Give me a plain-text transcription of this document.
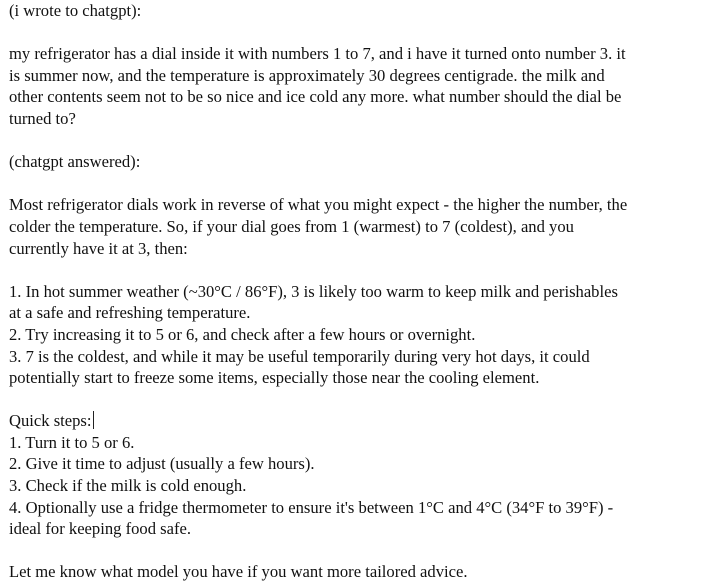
(i wrote to chatgpt):
my refrigerator has a dial inside it with numbers 1 to 7, and i have it turned onto number 3. it
is summer now, and the temperature is approximately 30 degrees centigrade. the milk and
other contents seem not to be so nice and ice cold any more. what number should the dial be
turned to?
(chatgpt answered):
Most refrigerator dials work in reverse of what you might expect - the higher the number, the
colder the temperature. So, if your dial goes from 1 (warmest) to 7 (coldest), and you
currently have it at 3, then:
1. In hot summer weather (~30°C / 86°F), 3 is likely too warm to keep milk and perishables
at a safe and refreshing temperature.
2. Try increasing it to 5 or 6, and check after a few hours or overnight.
3. 7 is the coldest, and while it may be useful temporarily during very hot days, it could
potentially start to freeze some items, especially those near the cooling element.
Quick steps:
1. Turn it to 5 or 6.
2. Give it time to adjust (usually a few hours).
3. Check if the milk is cold enough.
4. Optionally use a fridge thermometer to ensure it's between 1°C and 4°C (34°F to 39°F) -
ideal for keeping food safe.
Let me know what model you have if you want more tailored advice.
